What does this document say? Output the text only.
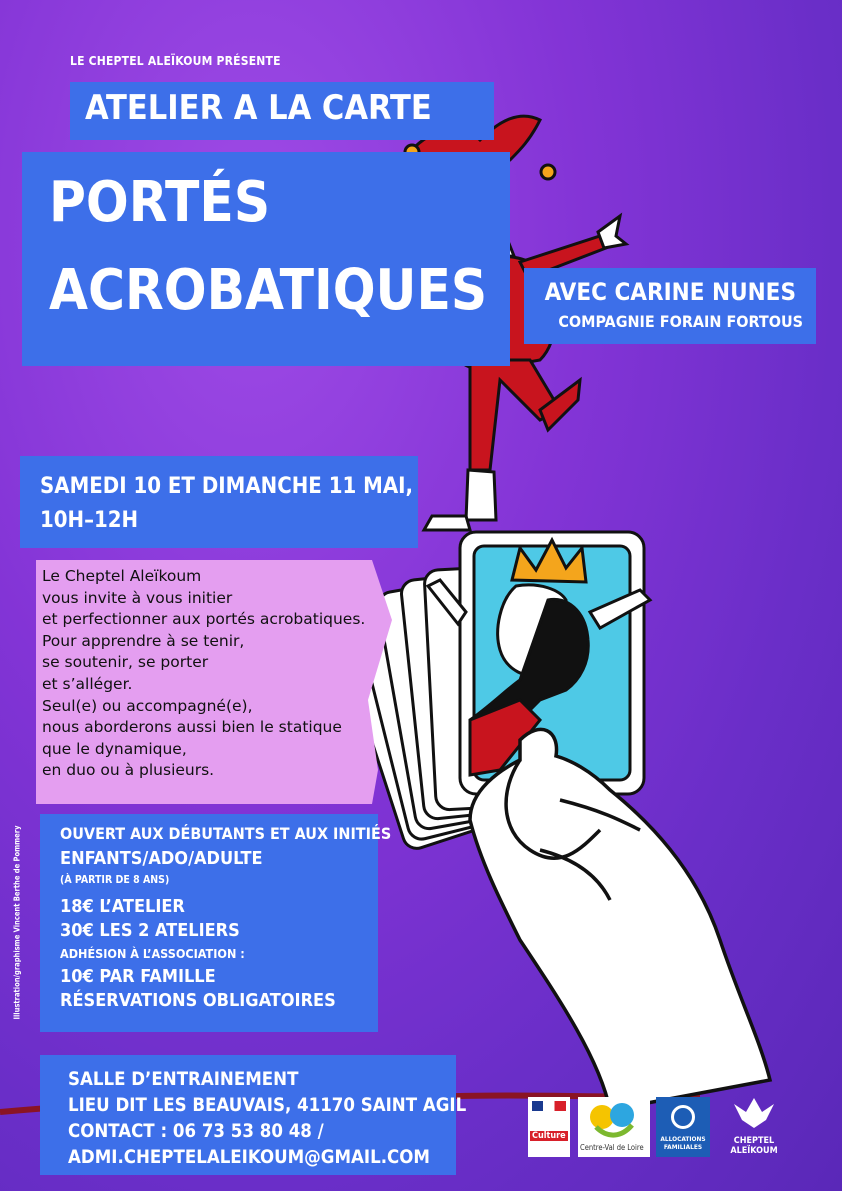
LE CHEPTEL ALEÏKOUM PRÉSENTE
ATELIER A LA CARTE
PORTÉS
ACROBATIQUES AVEC CARINE NUNES
COMPAGNIE FORAIN FORTOUS
SAMEDI 10 ET DIMANCHE 11 MAI,
10H–12H
Le Cheptel Aleïkoum
vous invite à vous initier
et perfectionner aux portés acrobatiques.
Pour apprendre à se tenir,
se soutenir, se porter
et s’alléger.
Seul(e) ou accompagné(e),
nous aborderons aussi bien le statique
que le dynamique,
en duo ou à plusieurs.
OUVERT AUX DÉBUTANTS ET AUX INITIÉS
ENFANTS/ADO/ADULTE
(À PARTIR DE 8 ANS)
18€ L’ATELIER
30€ LES 2 ATELIERS
ADHÉSION À L’ASSOCIATION :
10€ PAR FAMILLE
RÉSERVATIONS OBLIGATOIRES
SALLE D’ENTRAINEMENT
LIEU DIT LES BEAUVAIS, 41170 SAINT AGIL
CONTACT : 06 73 53 80 48 /
ADMI.CHEPTELALEIKOUM@GMAIL.COM
Illustration/graphisme Vincent Berthe de Pommery
Culture
Centre-Val de Loire
ALLOCATIONS FAMILIALES
CHEPTEL
ALEÏKOUM
